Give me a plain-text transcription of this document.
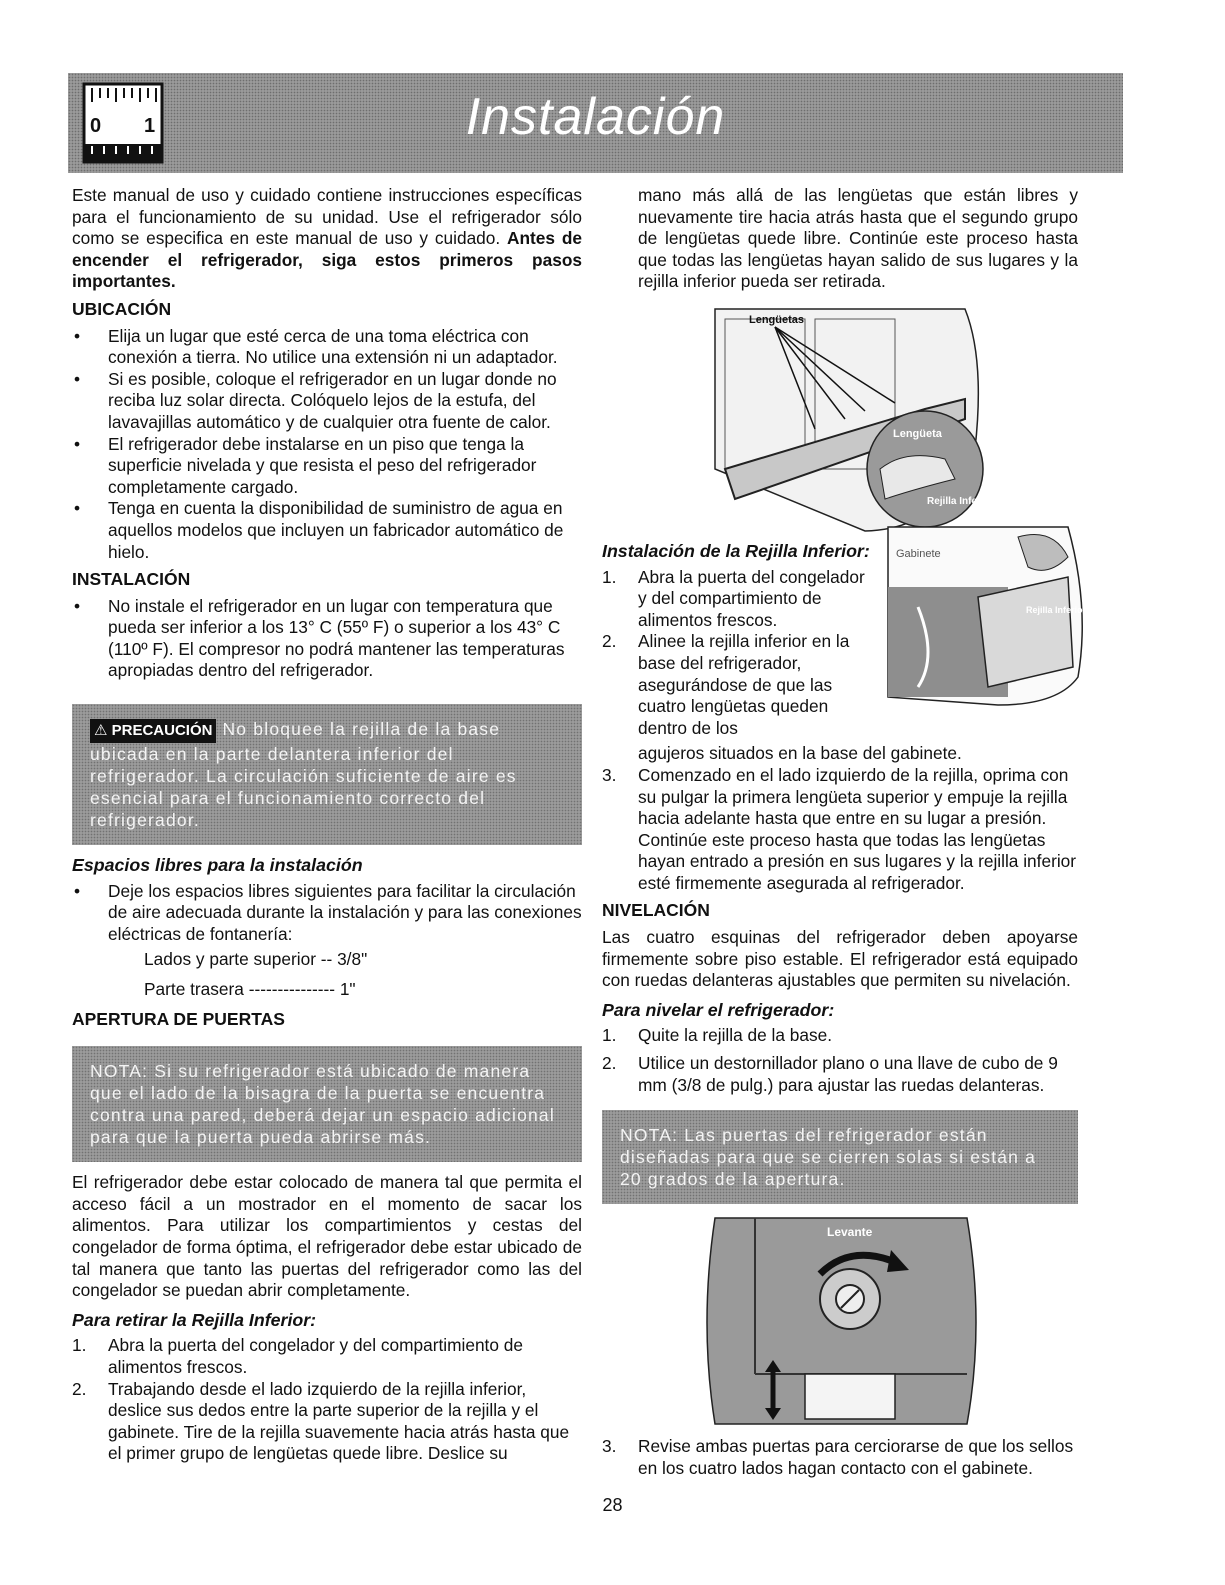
0 1	Instalación

Este manual de uso y cuidado contiene instrucciones específicas para el funcionamiento de su unidad. Use el refrigerador sólo como se especifica en este manual de uso y cuidado. Antes de encender el refrigerador, siga estos primeros pasos importantes.

UBICACIÓN
• Elija un lugar que esté cerca de una toma eléctrica con conexión a tierra. No utilice una extensión ni un adaptador.
• Si es posible, coloque el refrigerador en un lugar donde no reciba luz solar directa. Colóquelo lejos de la estufa, del lavavajillas automático y de cualquier otra fuente de calor.
• El refrigerador debe instalarse en un piso que tenga la superficie nivelada y que resista el peso del refrigerador completamente cargado.
• Tenga en cuenta la disponibilidad de suministro de agua en aquellos modelos que incluyen un fabricador automático de hielo.
INSTALACIÓN
• No instale el refrigerador en un lugar con temperatura que pueda ser inferior a los 13° C (55º F) o superior a los 43° C (110º F). El compresor no podrá mantener las temperaturas apropiadas dentro del refrigerador.
⚠ PRECAUCIÓN No bloquee la rejilla de la base ubicada en la parte delantera inferior del refrigerador. La circulación suficiente de aire es esencial para el funcionamiento correcto del refrigerador.
Espacios libres para la instalación
• Deje los espacios libres siguientes para facilitar la circulación de aire adecuada durante la instalación y para las conexiones eléctricas de fontanería:
Lados y parte superior -- 3/8"
Parte trasera --------------- 1"
APERTURA DE PUERTAS
NOTA: Si su refrigerador está ubicado de manera que el lado de la bisagra de la puerta se encuentra contra una pared, deberá dejar un espacio adicional para que la puerta pueda abrirse más.

El refrigerador debe estar colocado de manera tal que permita el acceso fácil a un mostrador en el momento de sacar los alimentos. Para utilizar los compartimientos y cestas del congelador de forma óptima, el refrigerador debe estar ubicado de tal manera que tanto las puertas del refrigerador como las del congelador se puedan abrir completamente.

Para retirar la Rejilla Inferior:
1. Abra la puerta del congelador y del compartimiento de alimentos frescos.
2. Trabajando desde el lado izquierdo de la rejilla inferior, deslice sus dedos entre la parte superior de la rejilla y el gabinete. Tire de la rejilla suavemente hacia atrás hasta que el primer grupo de lengüetas quede libre. Deslice su

mano más allá de las lengüetas que están libres y nuevamente tire hacia atrás hasta que el segundo grupo de lengüetas quede libre. Continúe este proceso hasta que todas las lengüetas hayan salido de sus lugares y la rejilla inferior pueda ser retirada.

Lengüetas
Lengüeta
Rejilla Inferior
Gabinete
Rejilla Inferior
Instalación de la Rejilla Inferior:
1. Abra la puerta del congelador y del compartimiento de alimentos frescos.
2. Alinee la rejilla inferior en la base del refrigerador, asegurándose de que las cuatro lengüetas queden dentro de los
agujeros situados en la base del gabinete.
3. Comenzado en el lado izquierdo de la rejilla, oprima con su pulgar la primera lengüeta superior y empuje la rejilla hacia adelante hasta que entre en su lugar a presión. Continúe este proceso hasta que todas las lengüetas hayan entrado a presión en sus lugares y la rejilla inferior esté firmemente asegurada al refrigerador.
NIVELACIÓN

Las cuatro esquinas del refrigerador deben apoyarse firmemente sobre piso estable. El refrigerador está equipado con ruedas delanteras ajustables que permiten su nivelación.

Para nivelar el refrigerador:
1. Quite la rejilla de la base.
2. Utilice un destornillador plano o una llave de cubo de 9 mm (3/8 de pulg.) para ajustar las ruedas delanteras.
NOTA: Las puertas del refrigerador están diseñadas para que se cierren solas si están a 20 grados de la apertura.
Levante
3. Revise ambas puertas para cerciorarse de que los sellos en los cuatro lados hagan contacto con el gabinete.
28
